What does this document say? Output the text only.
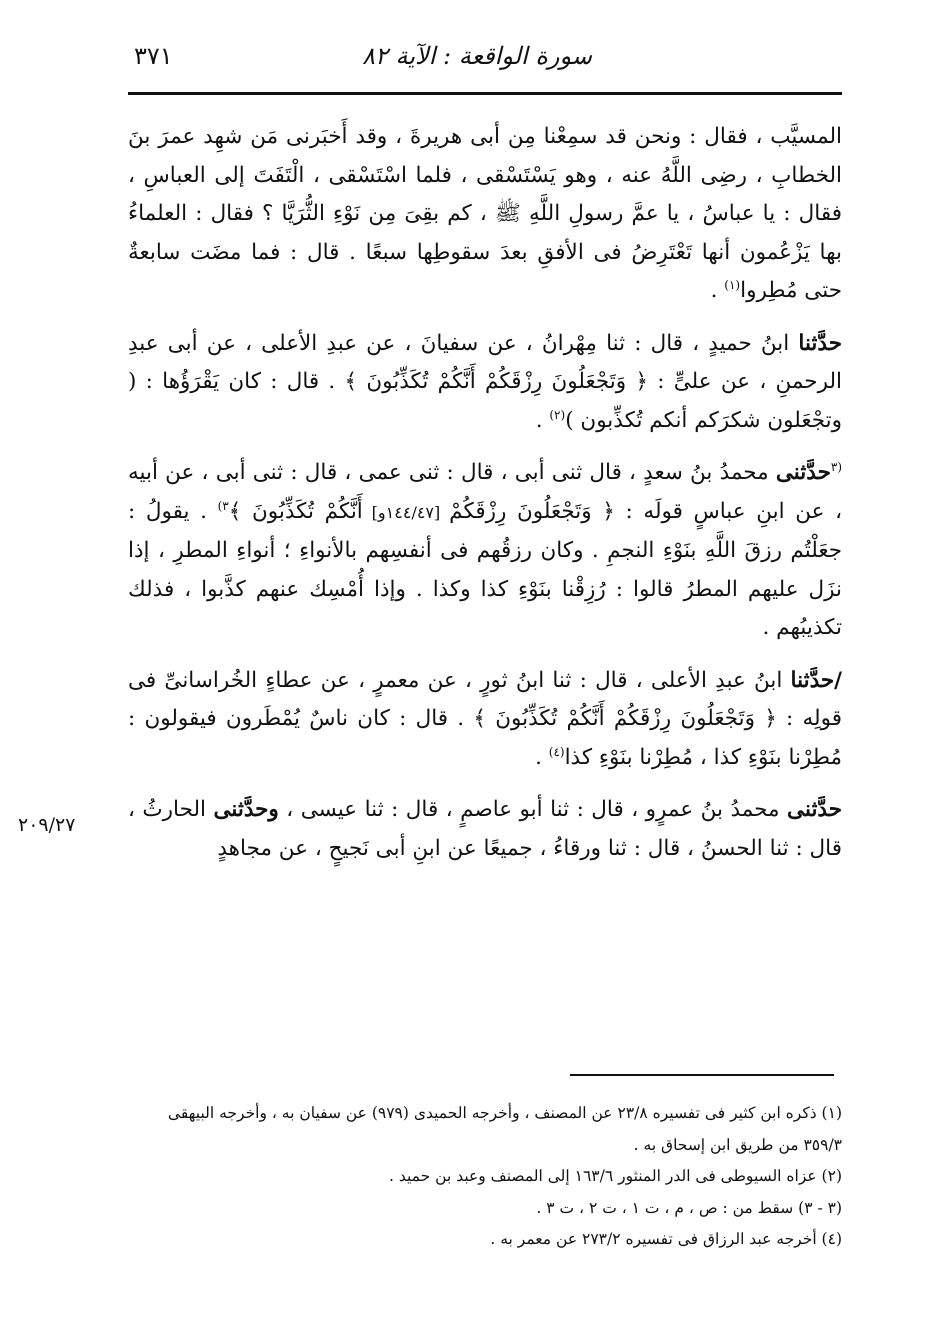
٣٧١	سورة الواقعة : الآية ٨٢
٢٠٩/٢٧

المسيَّب ، فقال : ونحن قد سمِعْنا مِن أبى هريرةَ ، وقد أَخبَرنى مَن شهِد عمرَ بنَ الخطابِ ، رضِى اللَّهُ عنه ، وهو يَسْتَسْقى ، فلما اسْتَسْقى ، الْتَفَتَ إلى العباسِ ، فقال : يا عباسُ ، يا عمَّ رسولِ اللَّهِ ﷺ ، كم بقِىَ مِن نَوْءِ الثُّرَيَّا ؟ فقال : العلماءُ بها يَزْعُمون أنها تَعْتَرِضُ فى الأفقِ بعدَ سقوطِها سبعًا . قال : فما مضَت سابعةٌ حتى مُطِروا$^{(١)}$ .

حدَّثنا ابنُ حميدٍ ، قال : ثنا مِهْرانُ ، عن سفيانَ ، عن عبدِ الأعلى ، عن أبى عبدِ الرحمنِ ، عن علىٍّ : ﴿ وَتَجْعَلُونَ رِزْقَكُمْ أَنَّكُمْ تُكَذِّبُونَ ﴾ . قال : كان يَقْرَؤُها : ( وتجْعَلون شكرَكم أنكم تُكذِّبون )$^{(٢)}$ .

$^{(٣}$حدَّثنى محمدُ بنُ سعدٍ ، قال ثنى أبى ، قال : ثنى عمى ، قال : ثنى أبى ، عن أبيه ، عن ابنِ عباسٍ قولَه : ﴿ وَتَجْعَلُونَ رِزْقَكُمْ [١٤٤/٤٧و] أَنَّكُمْ تُكَذِّبُونَ ﴾$^{٣)}$ . يقولُ : جعَلْتُم رزقَ اللَّهِ بنَوْءِ النجمِ . وكان رزقُهم فى أنفسِهم بالأنواءِ ؛ أنواءِ المطرِ ، إذا نزَل عليهم المطرُ قالوا : رُزِقْنا بنَوْءِ كذا وكذا . وإذا أُمْسِك عنهم كذَّبوا ، فذلك تكذيبُهم .

/حدَّثنا ابنُ عبدِ الأعلى ، قال : ثنا ابنُ ثورٍ ، عن معمرٍ ، عن عطاءٍ الخُراسانىِّ فى قولِه : ﴿ وَتَجْعَلُونَ رِزْقَكُمْ أَنَّكُمْ تُكَذِّبُونَ ﴾ . قال : كان ناسٌ يُمْطَرون فيقولون : مُطِرْنا بنَوْءِ كذا ، مُطِرْنا بنَوْءِ كذا$^{(٤)}$ .

حدَّثنى محمدُ بنُ عمرٍو ، قال : ثنا أبو عاصمٍ ، قال : ثنا عيسى ، وحدَّثنى الحارثُ ، قال : ثنا الحسنُ ، قال : ثنا ورقاءُ ، جميعًا عن ابنِ أبى نَجيحٍ ، عن مجاهدٍ

(١) ذكره ابن كثير فى تفسيره ٢٣/٨ عن المصنف ، وأخرجه الحميدى (٩٧٩) عن سفيان به ، وأخرجه البيهقى ٣٥٩/٣ من طريق ابن إسحاق به .

(٢) عزاه السيوطى فى الدر المنثور ١٦٣/٦ إلى المصنف وعبد بن حميد .

(٣ - ٣) سقط من : ص ، م ، ت ١ ، ت ٢ ، ت ٣ .

(٤) أخرجه عبد الرزاق فى تفسيره ٢٧٣/٢ عن معمر به .
